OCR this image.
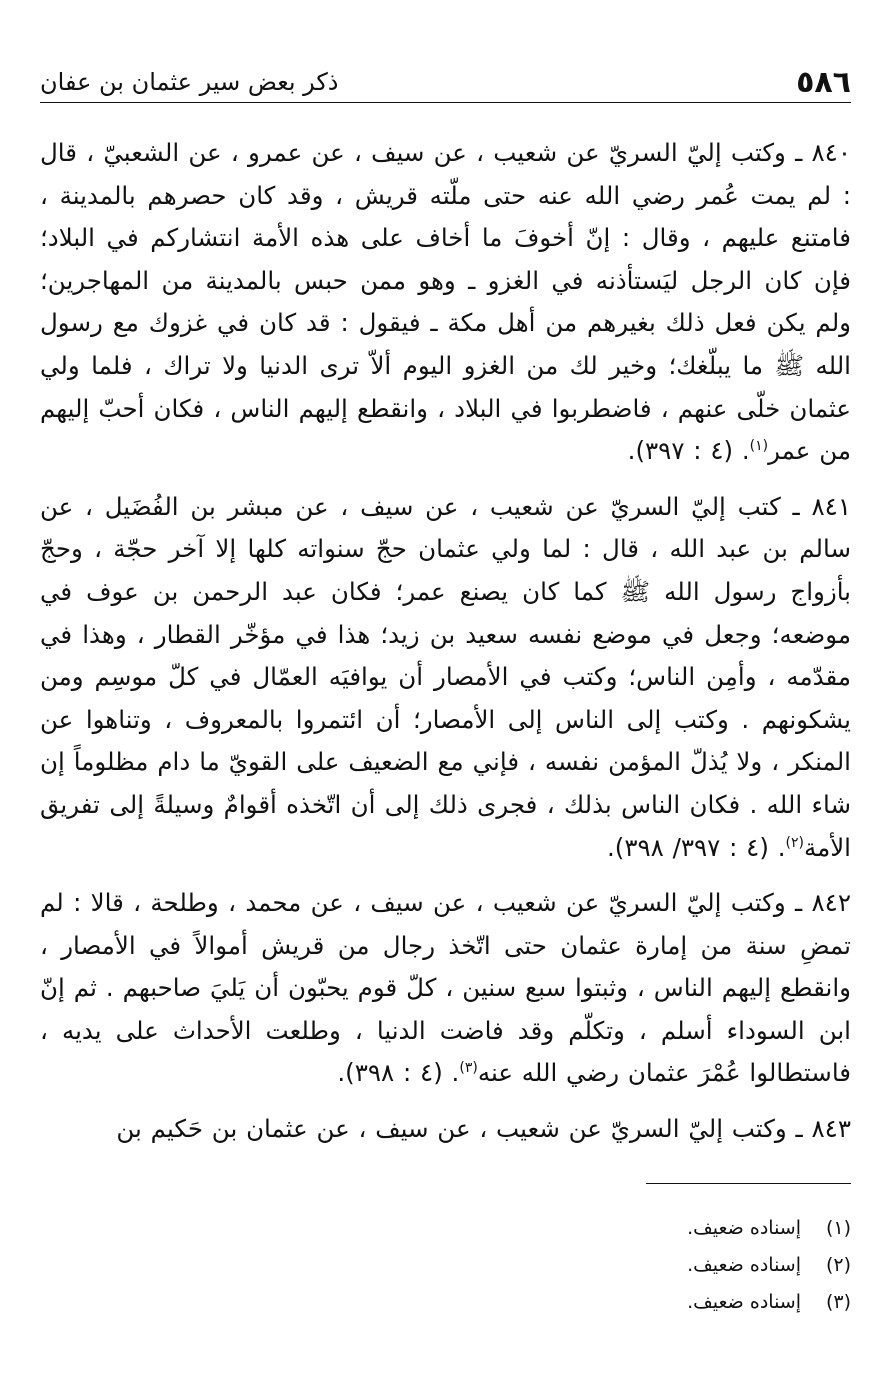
٥٨٦
ذكر بعض سير عثمان بن عفان

٨٤٠ ـ وكتب إليّ السريّ عن شعيب ، عن سيف ، عن عمرو ، عن الشعبيّ ، قال : لم يمت عُمر رضي الله عنه حتى ملّته قريش ، وقد كان حصرهم بالمدينة ، فامتنع عليهم ، وقال : إنّ أخوفَ ما أخاف على هذه الأمة انتشاركم في البلاد؛ فإن كان الرجل ليَستأذنه في الغزو ـ وهو ممن حبس بالمدينة من المهاجرين؛ ولم يكن فعل ذلك بغيرهم من أهل مكة ـ فيقول : قد كان في غزوك مع رسول الله ﷺ ما يبلّغك؛ وخير لك من الغزو اليوم ألاّ ترى الدنيا ولا تراك ، فلما ولي عثمان خلّى عنهم ، فاضطربوا في البلاد ، وانقطع إليهم الناس ، فكان أحبّ إليهم من عمر$^{(١)}$. (٤ : ٣٩٧).

٨٤١ ـ كتب إليّ السريّ عن شعيب ، عن سيف ، عن مبشر بن الفُضَيل ، عن سالم بن عبد الله ، قال : لما ولي عثمان حجّ سنواته كلها إلا آخر حجّة ، وحجّ بأزواج رسول الله ﷺ كما كان يصنع عمر؛ فكان عبد الرحمن بن عوف في موضعه؛ وجعل في موضع نفسه سعيد بن زيد؛ هذا في مؤخّر القطار ، وهذا في مقدّمه ، وأمِن الناس؛ وكتب في الأمصار أن يوافيَه العمّال في كلّ موسِم ومن يشكونهم . وكتب إلى الناس إلى الأمصار؛ أن ائتمروا بالمعروف ، وتناهوا عن المنكر ، ولا يُذلّ المؤمن نفسه ، فإني مع الضعيف على القويّ ما دام مظلوماً إن شاء الله . فكان الناس بذلك ، فجرى ذلك إلى أن اتّخذه أقوامٌ وسيلةً إلى تفريق الأمة$^{(٢)}$. (٤ : ٣٩٧/ ٣٩٨).

٨٤٢ ـ وكتب إليّ السريّ عن شعيب ، عن سيف ، عن محمد ، وطلحة ، قالا : لم تمضِ سنة من إمارة عثمان حتى اتّخذ رجال من قريش أموالاً في الأمصار ، وانقطع إليهم الناس ، وثبتوا سبع سنين ، كلّ قوم يحبّون أن يَليَ صاحبهم . ثم إنّ ابن السوداء أسلم ، وتكلّم وقد فاضت الدنيا ، وطلعت الأحداث على يديه ، فاستطالوا عُمْرَ عثمان رضي الله عنه$^{(٣)}$. (٤ : ٣٩٨).

٨٤٣ ـ وكتب إليّ السريّ عن شعيب ، عن سيف ، عن عثمان بن حَكيم بن

(١)
إسناده ضعيف.
(٢)
إسناده ضعيف.
(٣)
إسناده ضعيف.
